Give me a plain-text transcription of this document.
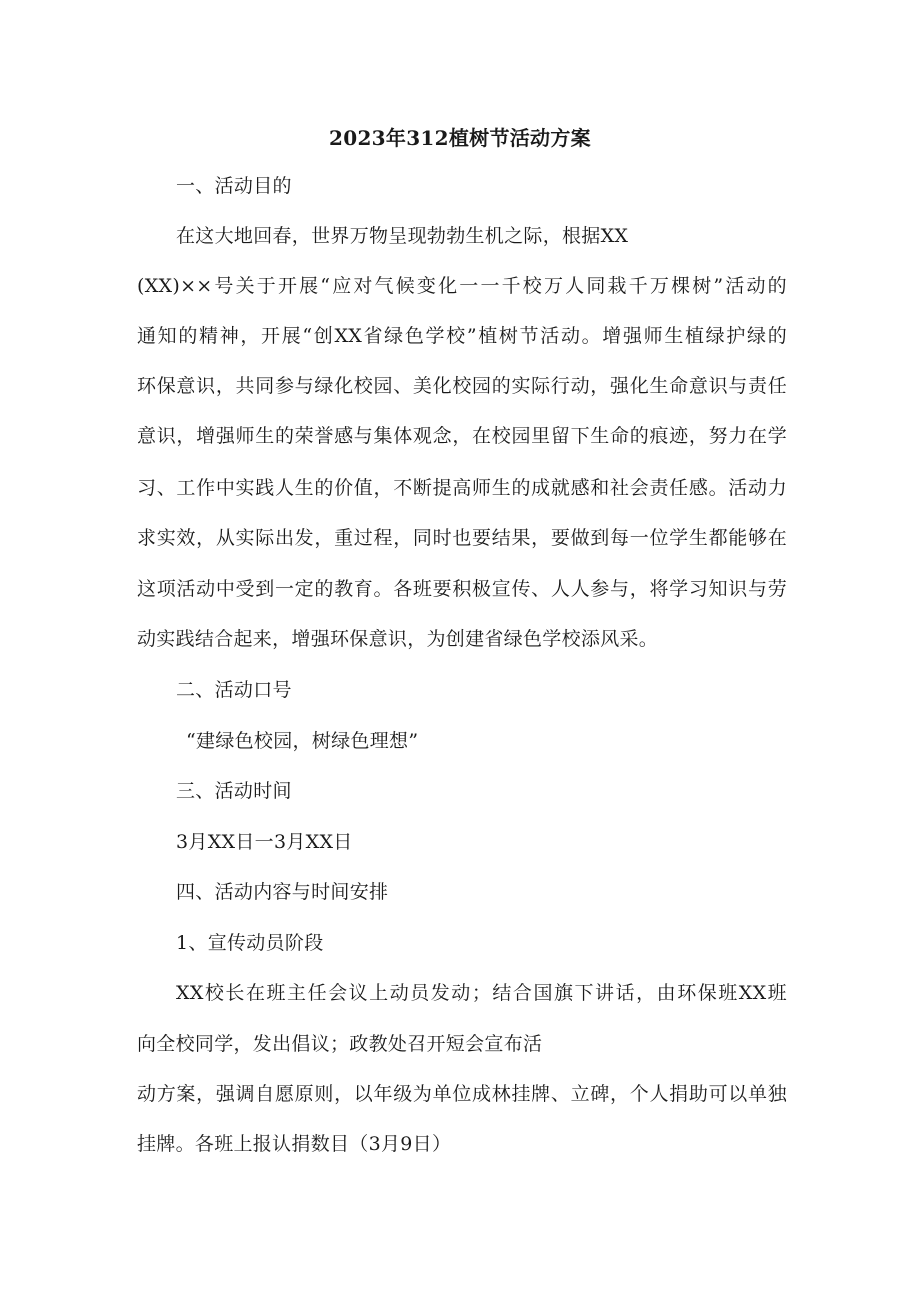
2023年312植树节活动方案

一、活动目的

在这大地回春，世界万物呈现勃勃生机之际，根据XX

(XX)××号关于开展“应对气候变化一一千校万人同栽千万棵树”活动的

通知的精神，开展“创XX省绿色学校”植树节活动。增强师生植绿护绿的

环保意识，共同参与绿化校园、美化校园的实际行动，强化生命意识与责任

意识，增强师生的荣誉感与集体观念，在校园里留下生命的痕迹，努力在学

习、工作中实践人生的价值，不断提高师生的成就感和社会责任感。活动力

求实效，从实际出发，重过程，同时也要结果，要做到每一位学生都能够在

这项活动中受到一定的教育。各班要积极宣传、人人参与，将学习知识与劳

动实践结合起来，增强环保意识，为创建省绿色学校添风采。

二、活动口号

“建绿色校园，树绿色理想”

三、活动时间

3月XX日一3月XX日

四、活动内容与时间安排

1、宣传动员阶段

XX校长在班主任会议上动员发动；结合国旗下讲话，由环保班XX班

向全校同学，发出倡议；政教处召开短会宣布活

动方案，强调自愿原则，以年级为单位成林挂牌、立碑，个人捐助可以单独

挂牌。各班上报认捐数目（3月9日）
